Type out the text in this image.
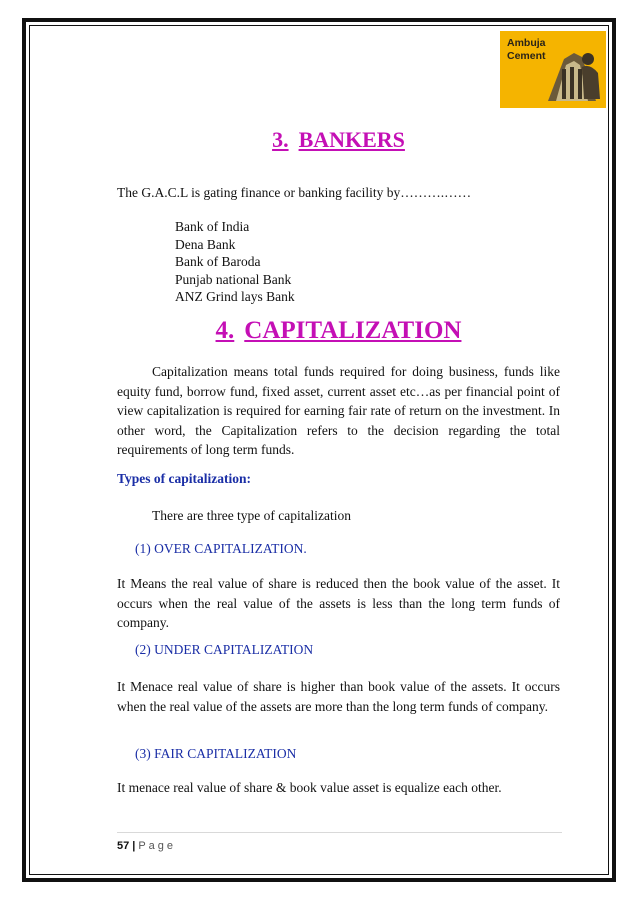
Ambuja
Cement
3. BANKERS

The G.A.C.L is gating finance or banking facility by……….……

Bank of India
Dena Bank
Bank of Baroda
Punjab national Bank
ANZ Grind lays Bank
4. CAPITALIZATION

Capitalization means total funds required for doing business, funds like equity fund, borrow fund, fixed asset, current asset etc…as per financial point of view capitalization is required for earning fair rate of return on the investment. In other word, the Capitalization refers to the decision regarding the total requirements of long term funds.

Types of capitalization:

There are three type of capitalization

(1) OVER CAPITALIZATION.

It Means the real value of share is reduced then the book value of the asset. It occurs when the real value of the assets is less than the long term funds of company.

(2) UNDER CAPITALIZATION

It Menace real value of share is higher than book value of the assets. It occurs when the real value of the assets are more than the long term funds of company.

(3) FAIR CAPITALIZATION

It menace real value of share & book value asset is equalize each other.

57 | Page
